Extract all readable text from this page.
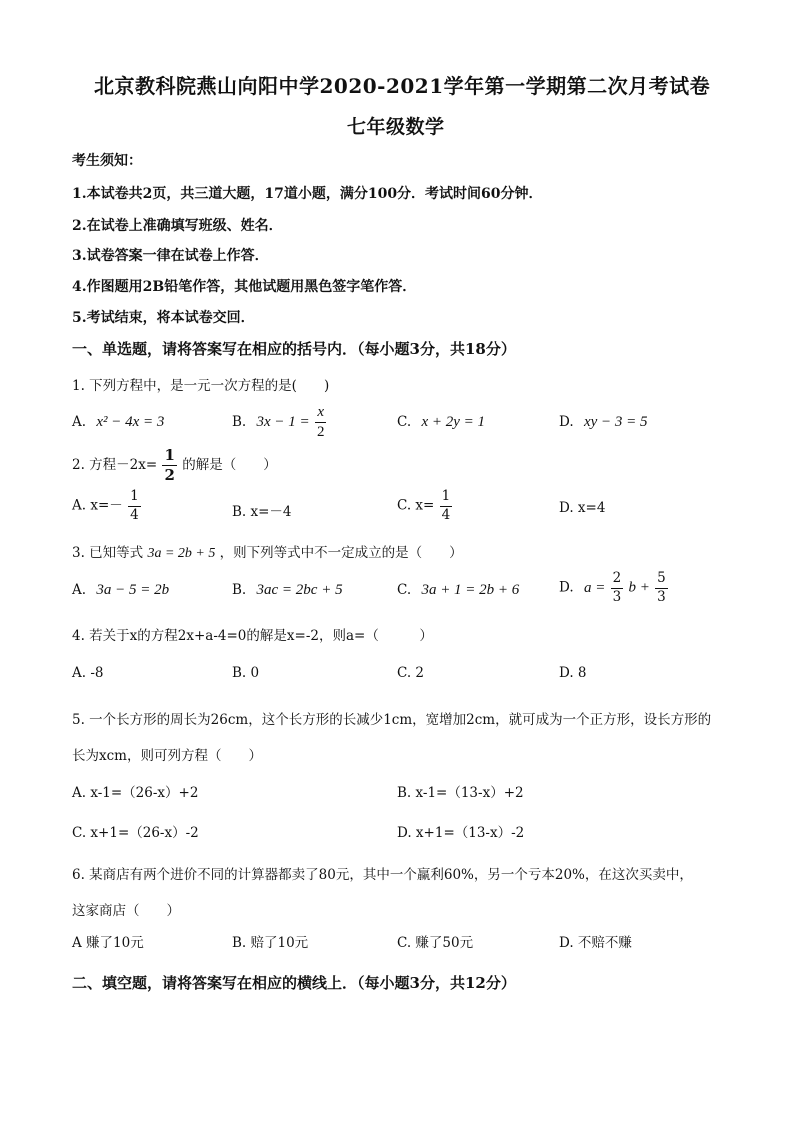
北京教科院燕山向阳中学2020-2021学年第一学期第二次月考试卷
七年级数学
考生须知：
1.本试卷共2页，共三道大题，17道小题，满分100分．考试时间60分钟．
2.在试卷上准确填写班级、姓名．
3.试卷答案一律在试卷上作答．
4.作图题用2B铅笔作答，其他试题用黑色签字笔作答．
5.考试结束，将本试卷交回．
一、单选题，请将答案写在相应的括号内．（每小题3分，共18分）
1. 下列方程中，是一元一次方程的是(　　)
A. x² − 4x = 3	B. $3x - 1 = \frac{x}{2}$	C. x + 2y = 1	D. xy − 3 = 5
2. 方程$-2x= \frac{1}{2}$ 的解是（　　）
A. $x=- \frac{1}{4}$	B. x=－4	C. $x= \frac{1}{4}$	D. x=4
3. 已知等式 3a = 2b + 5 ，则下列等式中不一定成立的是（　　）
A. 3a − 5 = 2b	B. 3ac = 2bc + 5	C. 3a + 1 = 2b + 6	D. $a = \frac{2}{3}$ $b + \frac{5}{3}$
4. 若关于x的方程2x+a-4=0的解是x=-2，则a=（　　　）
A. -8	B. 0	C. 2	D. 8
5. 一个长方形的周长为26cm，这个长方形的长减少1cm，宽增加2cm，就可成为一个正方形，设长方形的
长为xcm，则可列方程（　　）
A. x-1=（26-x）+2	B. x-1=（13-x）+2
C. x+1=（26-x）-2	D. x+1=（13-x）-2
6. 某商店有两个进价不同的计算器都卖了80元，其中一个赢利60%，另一个亏本20%，在这次买卖中，
这家商店（　　）
A 赚了10元	B. 赔了10元	C. 赚了50元	D. 不赔不赚
二、填空题，请将答案写在相应的横线上．（每小题3分，共12分）
